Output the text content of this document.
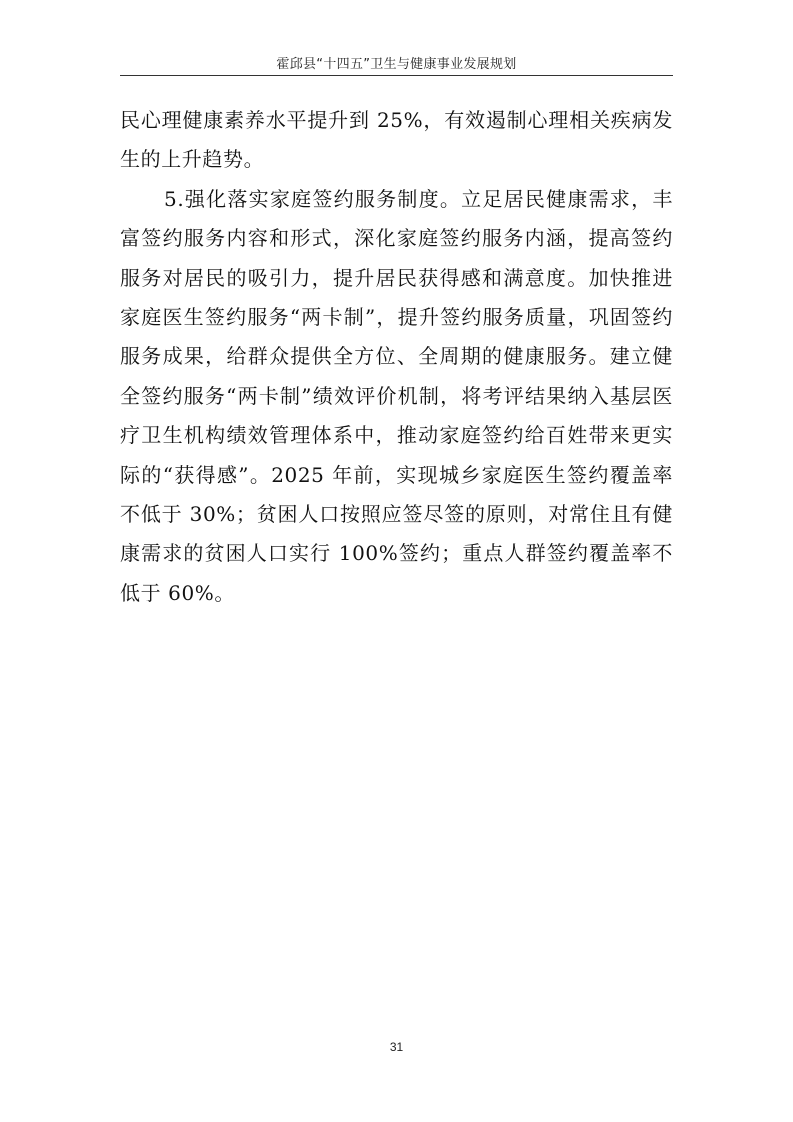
霍邱县“十四五”卫生与健康事业发展规划

民心理健康素养水平提升到 25%，有效遏制心理相关疾病发生的上升趋势。

5.强化落实家庭签约服务制度。立足居民健康需求，丰富签约服务内容和形式，深化家庭签约服务内涵，提高签约服务对居民的吸引力，提升居民获得感和满意度。加快推进家庭医生签约服务“两卡制”，提升签约服务质量，巩固签约服务成果，给群众提供全方位、全周期的健康服务。建立健全签约服务“两卡制”绩效评价机制，将考评结果纳入基层医疗卫生机构绩效管理体系中，推动家庭签约给百姓带来更实际的“获得感”。2025 年前，实现城乡家庭医生签约覆盖率不低于 30%；贫困人口按照应签尽签的原则，对常住且有健康需求的贫困人口实行 100%签约；重点人群签约覆盖率不低于 60%。

31
